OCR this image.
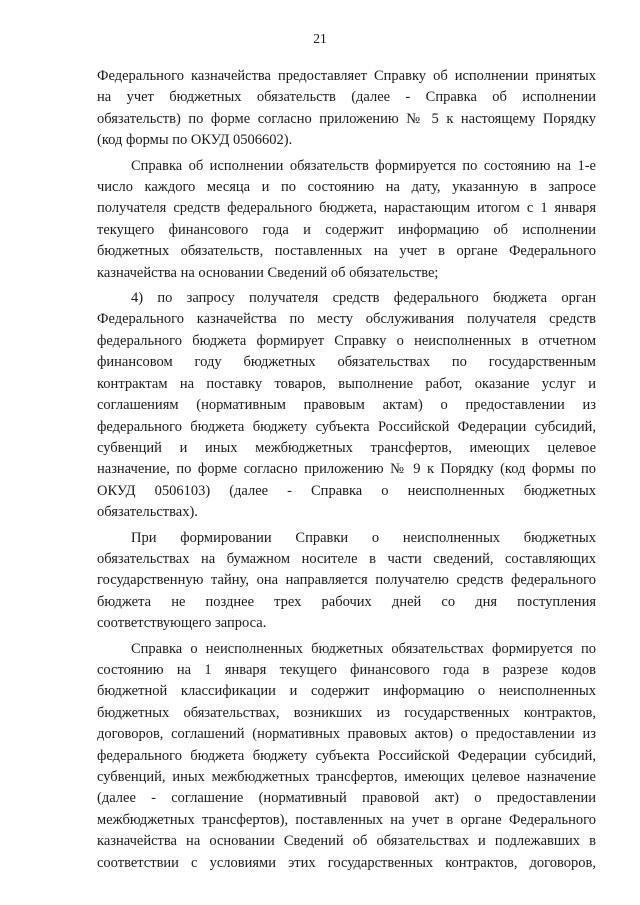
21

Федерального казначейства предоставляет Справку об исполнении принятых
на учет бюджетных обязательств (далее - Справка об исполнении
обязательств) по форме согласно приложению № 5 к настоящему Порядку
(код формы по ОКУД 0506602).

Справка об исполнении обязательств формируется по состоянию на 1-е
число каждого месяца и по состоянию на дату, указанную в запросе
получателя средств федерального бюджета, нарастающим итогом с 1 января
текущего финансового года и содержит информацию об исполнении
бюджетных обязательств, поставленных на учет в органе Федерального
казначейства на основании Сведений об обязательстве;

4) по запросу получателя средств федерального бюджета орган
Федерального казначейства по месту обслуживания получателя средств
федерального бюджета формирует Справку о неисполненных в отчетном
финансовом году бюджетных обязательствах по государственным
контрактам на поставку товаров, выполнение работ, оказание услуг и
соглашениям (нормативным правовым актам) о предоставлении из
федерального бюджета бюджету субъекта Российской Федерации субсидий,
субвенций и иных межбюджетных трансфертов, имеющих целевое
назначение, по форме согласно приложению № 9 к Порядку (код формы по
ОКУД 0506103) (далее - Справка о неисполненных бюджетных
обязательствах).

При формировании Справки о неисполненных бюджетных
обязательствах на бумажном носителе в части сведений, составляющих
государственную тайну, она направляется получателю средств федерального
бюджета не позднее трех рабочих дней со дня поступления
соответствующего запроса.

Справка о неисполненных бюджетных обязательствах формируется по
состоянию на 1 января текущего финансового года в разрезе кодов
бюджетной классификации и содержит информацию о неисполненных
бюджетных обязательствах, возникших из государственных контрактов,
договоров, соглашений (нормативных правовых актов) о предоставлении из
федерального бюджета бюджету субъекта Российской Федерации субсидий,
субвенций, иных межбюджетных трансфертов, имеющих целевое назначение
(далее - соглашение (нормативный правовой акт) о предоставлении
межбюджетных трансфертов), поставленных на учет в органе Федерального
казначейства на основании Сведений об обязательствах и подлежавших в
соответствии с условиями этих государственных контрактов, договоров,
